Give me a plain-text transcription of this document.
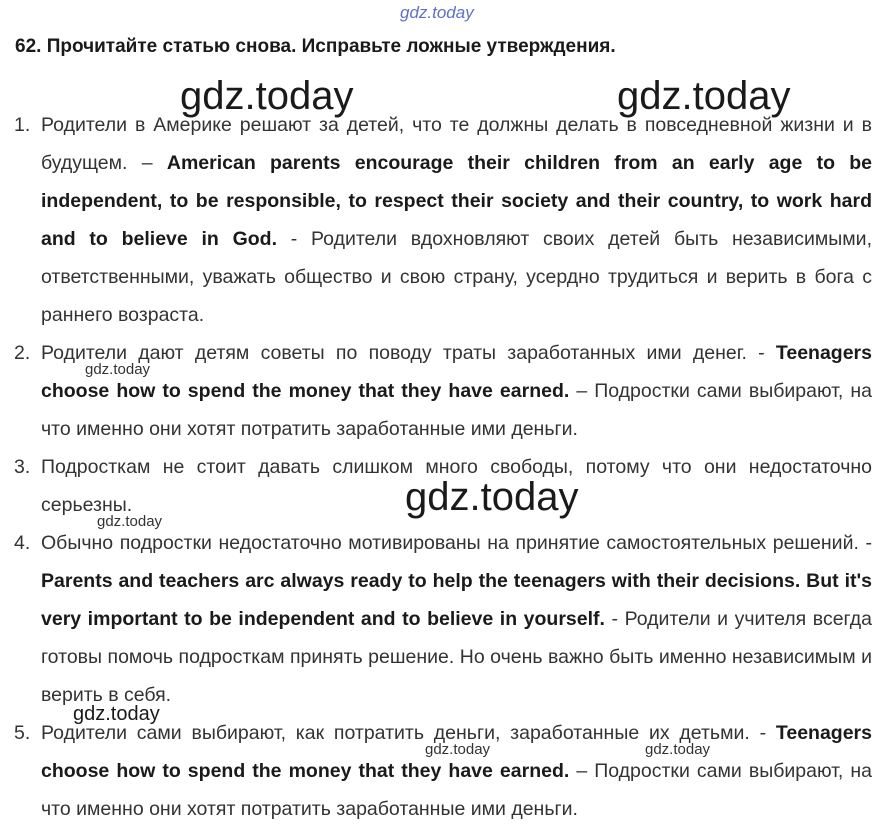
gdz.today
62. Прочитайте статью снова. Исправьте ложные утверждения.
1. Родители в Америке решают за детей, что те должны делать в повседневной жизни и в будущем. – American parents encourage their children from an early age to be independent, to be responsible, to respect their society and their country, to work hard and to believe in God. - Родители вдохновляют своих детей быть независимыми, ответственными, уважать общество и свою страну, усердно трудиться и верить в бога с раннего возраста.
2. Родители дают детям советы по поводу траты заработанных ими денег. - Teenagers choose how to spend the money that they have earned. – Подростки сами выбирают, на что именно они хотят потратить заработанные ими деньги.
3. Подросткам не стоит давать слишком много свободы, потому что они недостаточно серьезны.
4. Обычно подростки недостаточно мотивированы на принятие самостоятельных решений. - Parents and teachers arc always ready to help the teenagers with their decisions. But it's very important to be independent and to believe in yourself. - Родители и учителя всегда готовы помочь подросткам принять решение. Но очень важно быть именно независимым и верить в себя.
5. Родители сами выбирают, как потратить деньги, заработанные их детьми. - Teenagers choose how to spend the money that they have earned. – Подростки сами выбирают, на что именно они хотят потратить заработанные ими деньги.
gdz.today	gdz.today
gdz.today
gdz.today
gdz.today
gdz.today
gdz.today	gdz.today
